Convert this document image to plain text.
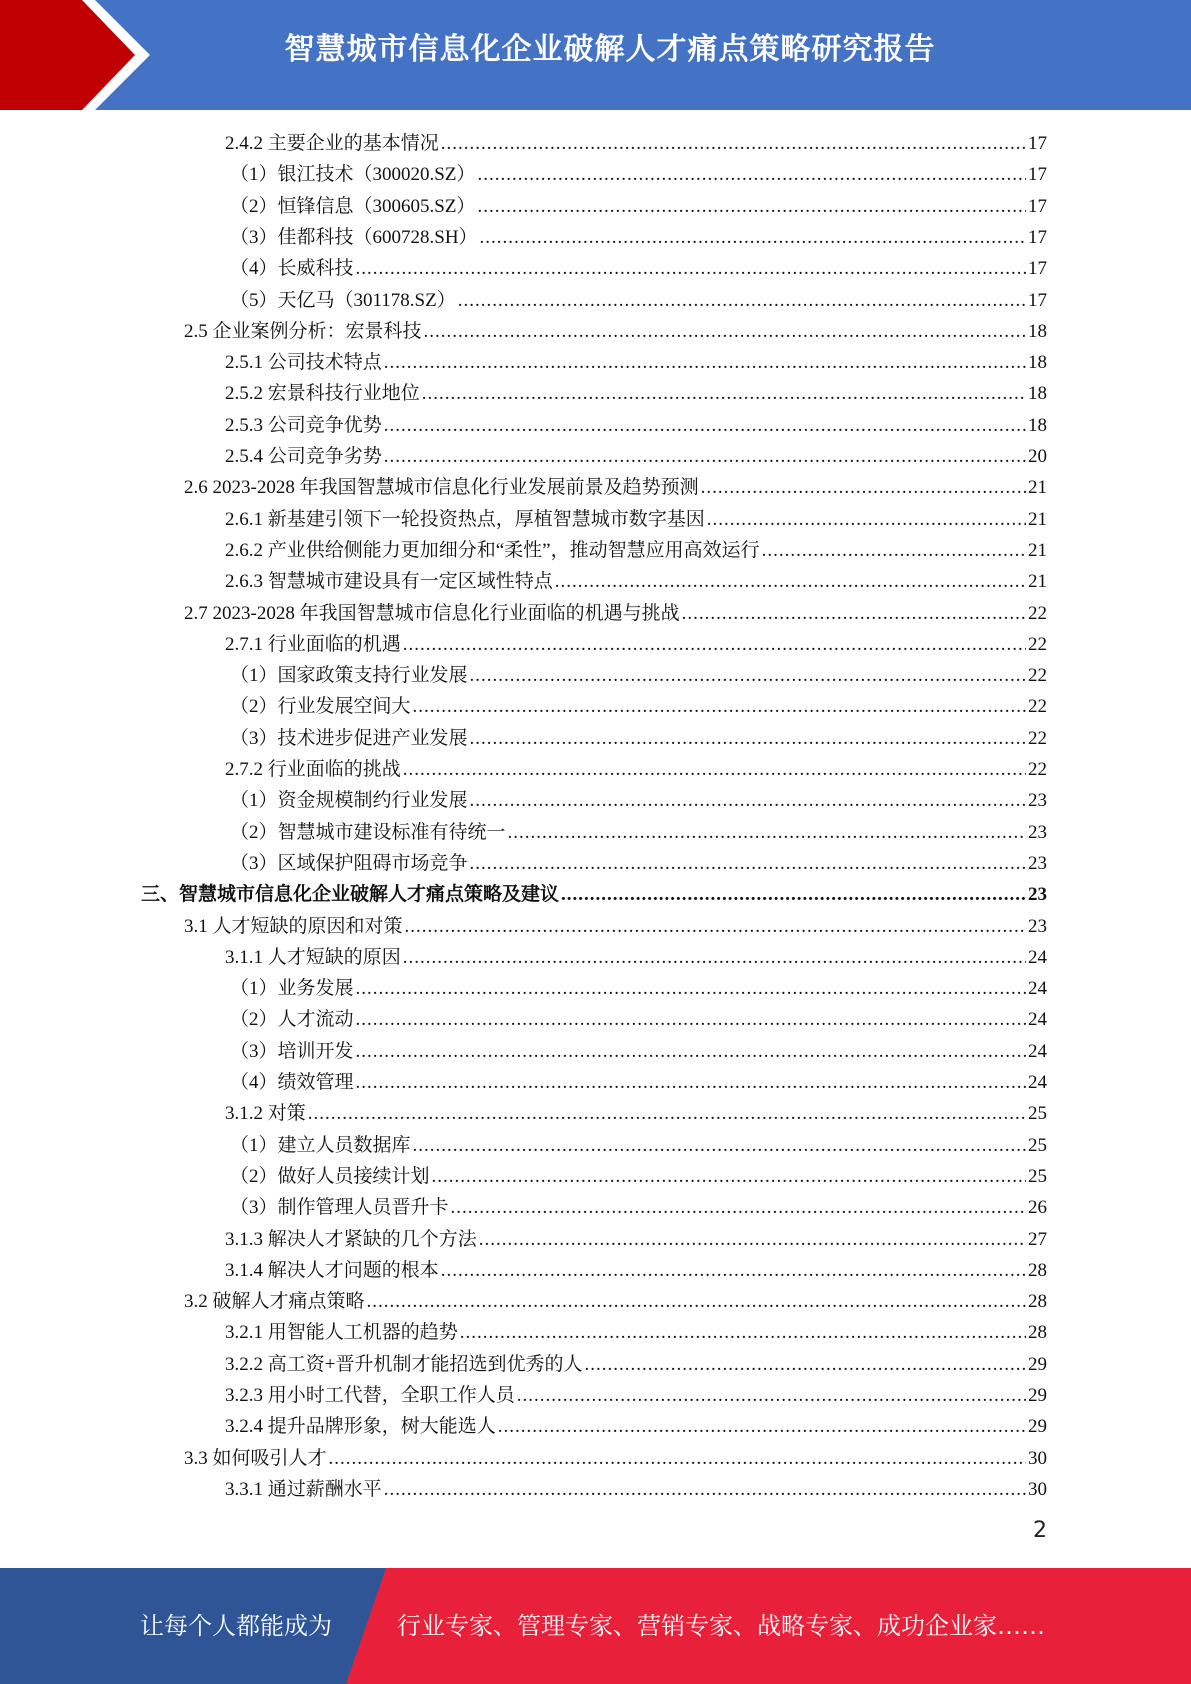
智慧城市信息化企业破解人才痛点策略研究报告
2.4.2 主要企业的基本情况 .....	17
（1）银江技术（300020.SZ） .....	17
（2）恒锋信息（300605.SZ） .....	17
（3）佳都科技（600728.SH） .....	17
（4）长威科技 .....	17
（5）天亿马（301178.SZ） .....	17
2.5 企业案例分析：宏景科技 .....	18
2.5.1 公司技术特点 .....	18
2.5.2 宏景科技行业地位 .....	18
2.5.3 公司竞争优势 .....	18
2.5.4 公司竞争劣势 .....	20
2.6 2023-2028 年我国智慧城市信息化行业发展前景及趋势预测 .....	21
2.6.1 新基建引领下一轮投资热点，厚植智慧城市数字基因 .....	21
2.6.2 产业供给侧能力更加细分和“柔性”，推动智慧应用高效运行 .....	21
2.6.3 智慧城市建设具有一定区域性特点 .....	21
2.7 2023-2028 年我国智慧城市信息化行业面临的机遇与挑战 .....	22
2.7.1 行业面临的机遇 .....	22
（1）国家政策支持行业发展 .....	22
（2）行业发展空间大 .....	22
（3）技术进步促进产业发展 .....	22
2.7.2 行业面临的挑战 .....	22
（1）资金规模制约行业发展 .....	23
（2）智慧城市建设标准有待统一 .....	23
（3）区域保护阻碍市场竞争 .....	23
三、智慧城市信息化企业破解人才痛点策略及建议 .....	23
3.1 人才短缺的原因和对策 .....	23
3.1.1 人才短缺的原因 .....	24
（1）业务发展 .....	24
（2）人才流动 .....	24
（3）培训开发 .....	24
（4）绩效管理 .....	24
3.1.2 对策 .....	25
（1）建立人员数据库 .....	25
（2）做好人员接续计划 .....	25
（3）制作管理人员晋升卡 .....	26
3.1.3 解决人才紧缺的几个方法 .....	27
3.1.4 解决人才问题的根本 .....	28
3.2 破解人才痛点策略 .....	28
3.2.1 用智能人工机器的趋势 .....	28
3.2.2 高工资+晋升机制才能招选到优秀的人 .....	29
3.2.3 用小时工代替，全职工作人员 .....	29
3.2.4 提升品牌形象，树大能选人 .....	29
3.3 如何吸引人才 .....	30
3.3.1 通过薪酬水平 .....	30
2
让每个人都能成为	行业专家、管理专家、营销专家、战略专家、成功企业家……
